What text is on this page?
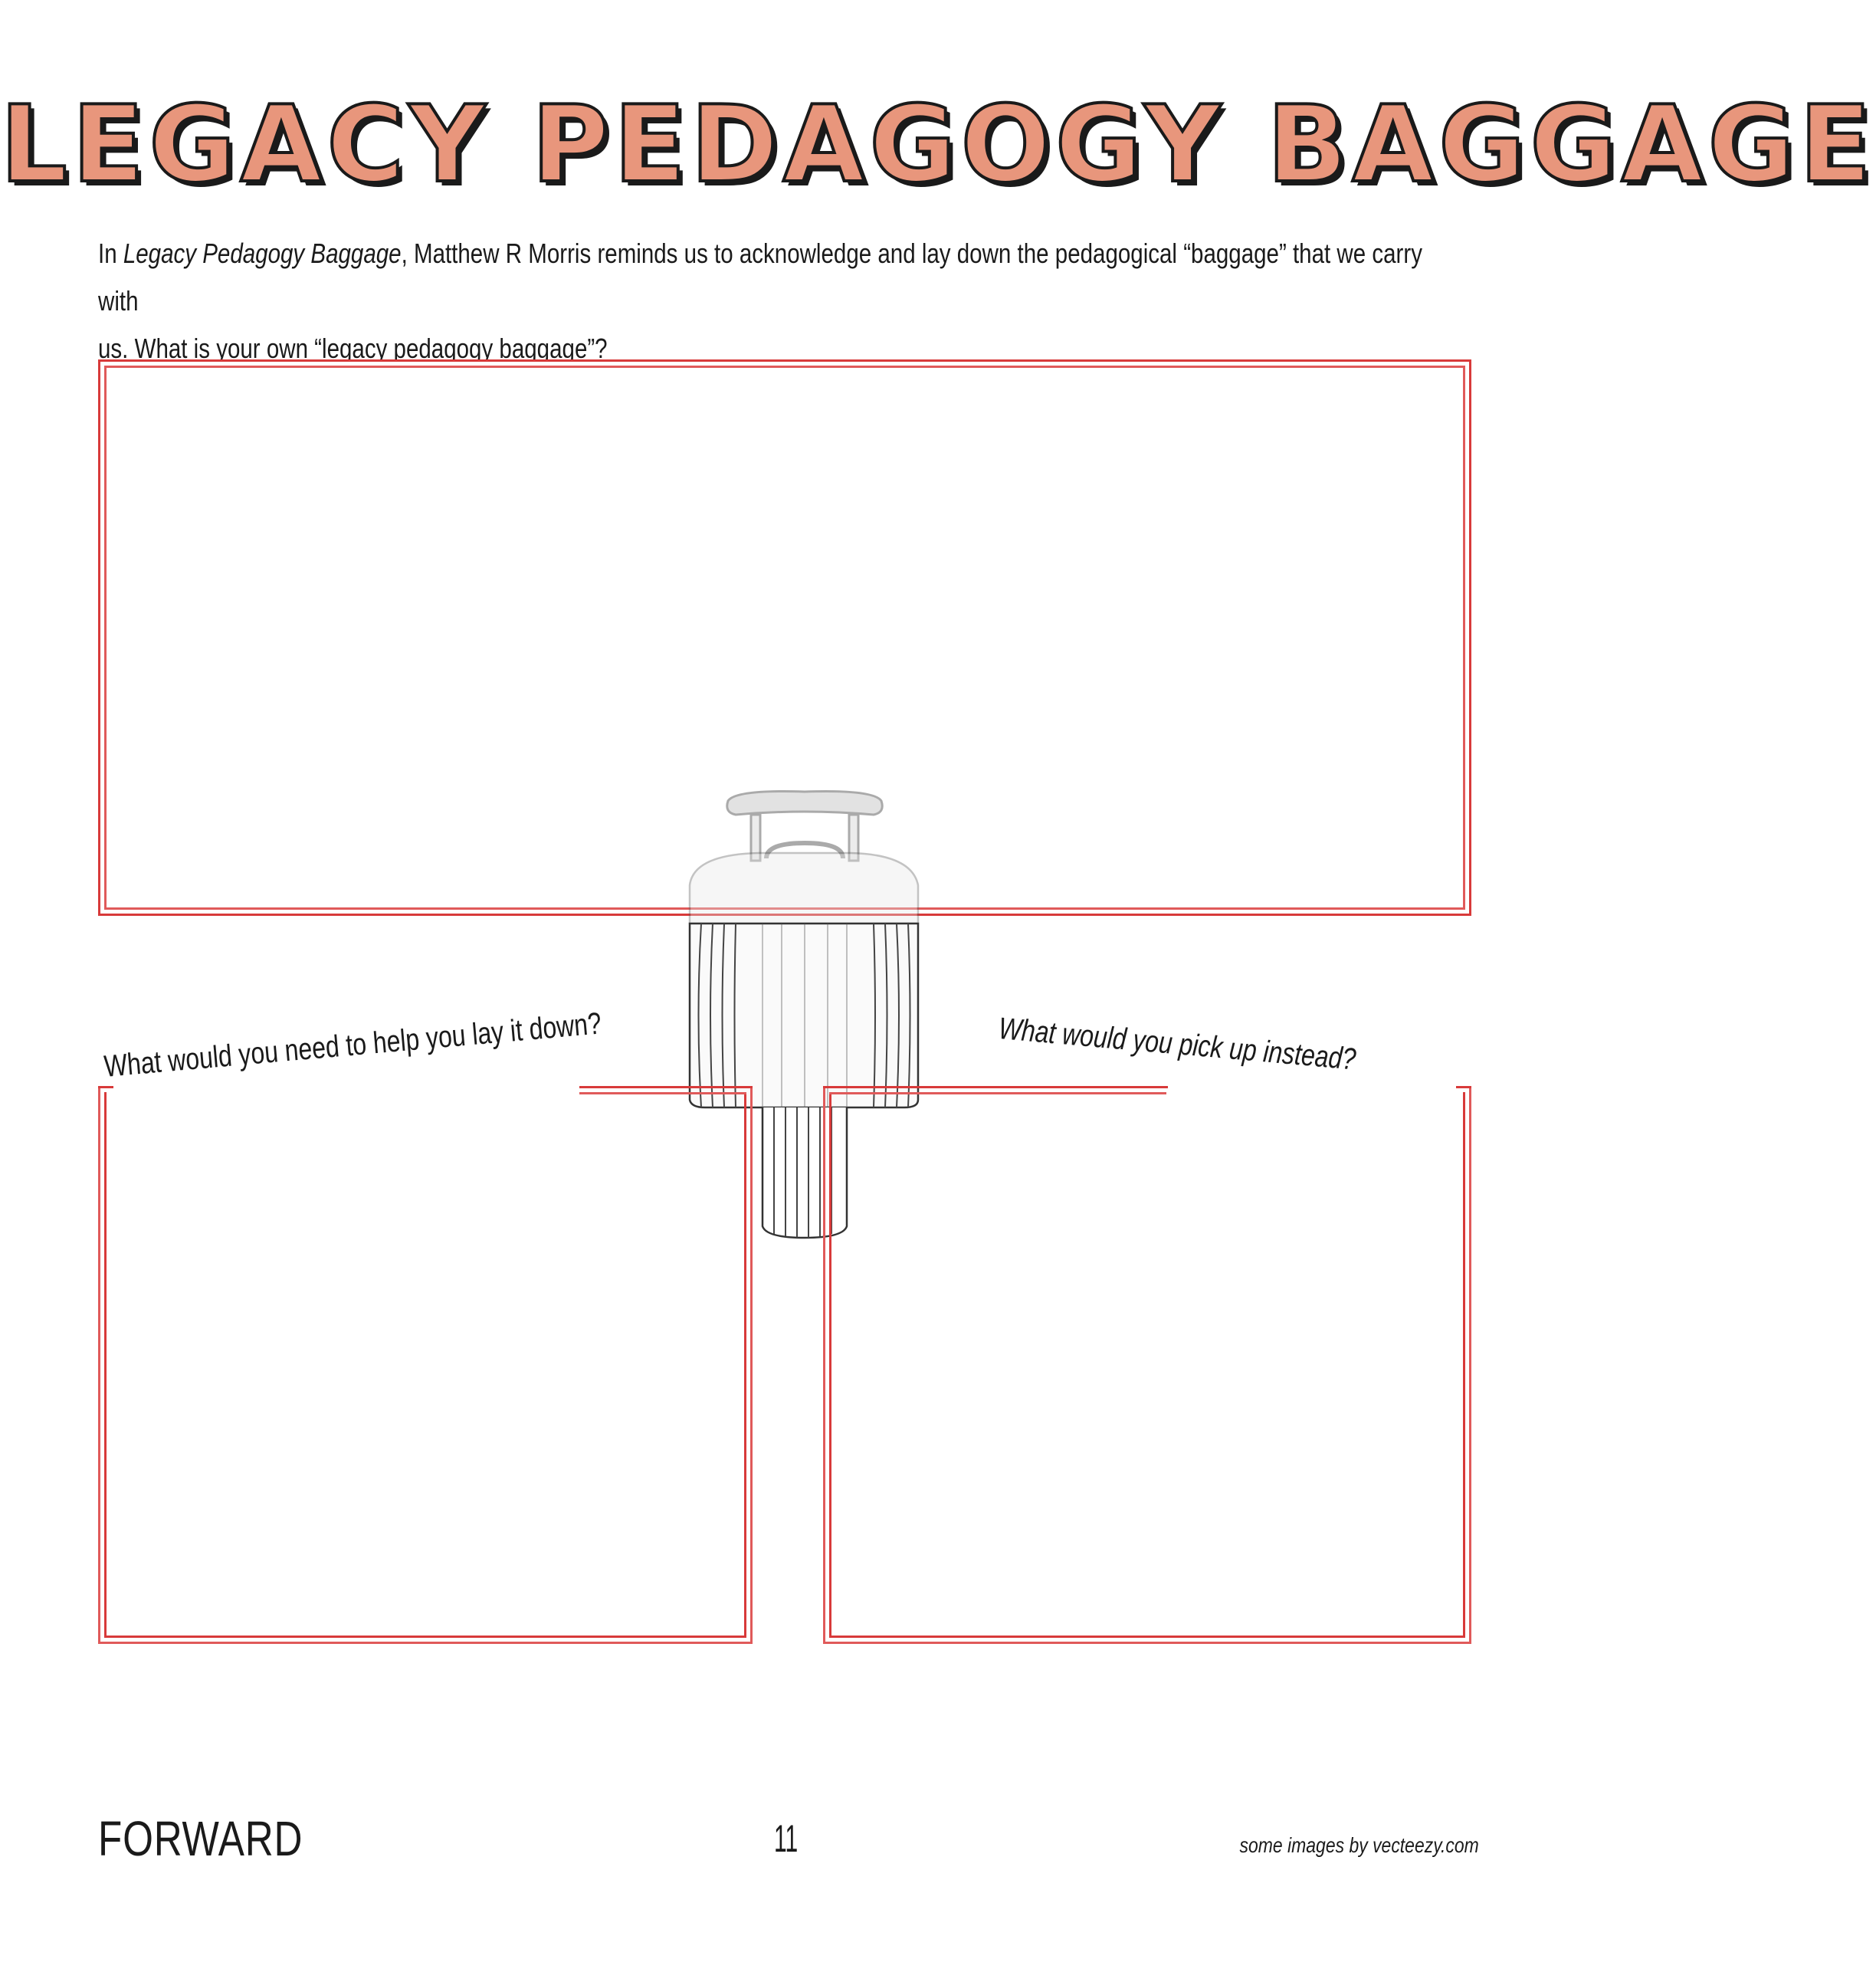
LEGACY PEDAGOGY BAGGAGE
In Legacy Pedagogy Baggage, Matthew R Morris reminds us to acknowledge and lay down the pedagogical “baggage” that we carry with
us. What is your own “legacy pedagogy baggage”?
What would you need to help you lay it down?	What would you pick up instead?
FORWARD	11	some images by vecteezy.com
